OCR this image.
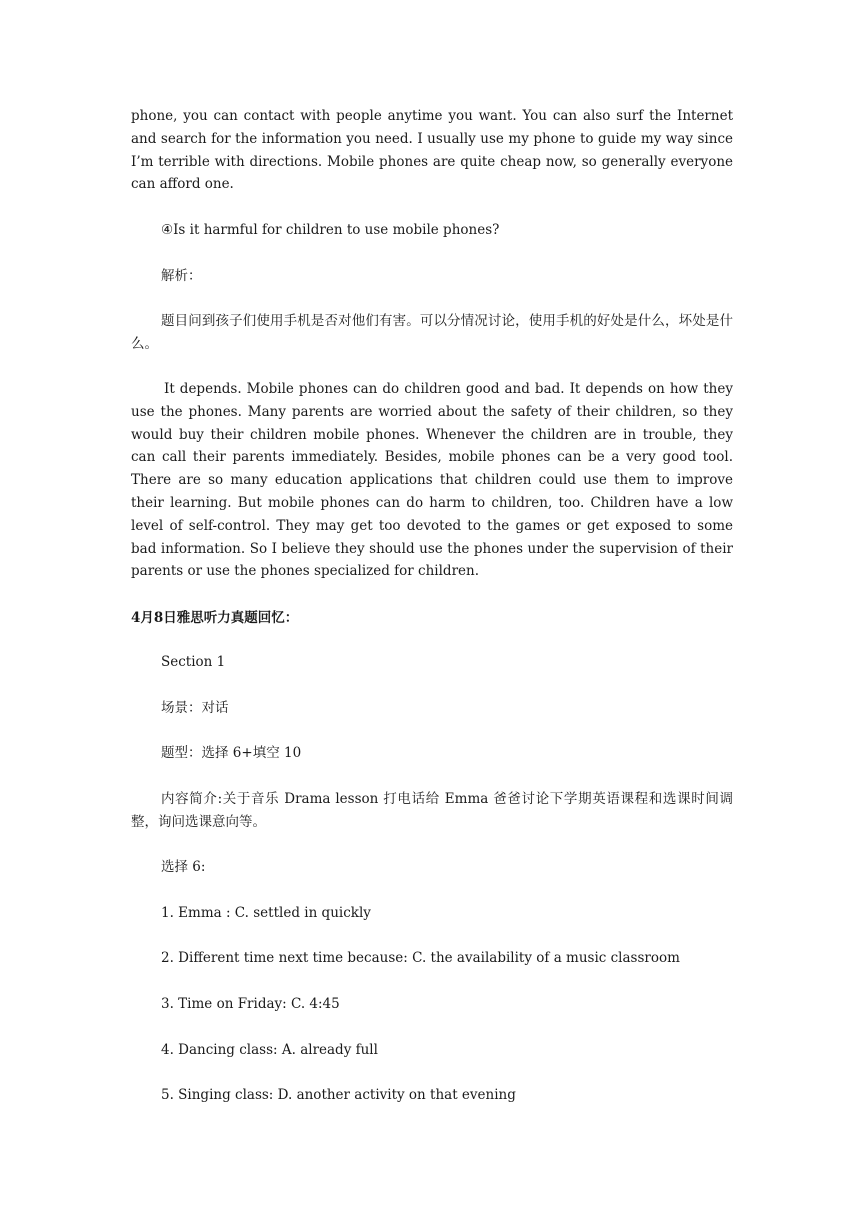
phone, you can contact with people anytime you want. You can also surf the Internet and search for the information you need. I usually use my phone to guide my way since I’m terrible with directions. Mobile phones are quite cheap now, so generally everyone can afford one.

④Is it harmful for children to use mobile phones?

解析：

题目问到孩子们使用手机是否对他们有害。可以分情况讨论，使用手机的好处是什么，坏处是什么。

It depends. Mobile phones can do children good and bad. It depends on how they use the phones. Many parents are worried about the safety of their children, so they would buy their children mobile phones. Whenever the children are in trouble, they can call their parents immediately. Besides, mobile phones can be a very good tool. There are so many education applications that children could use them to improve their learning. But mobile phones can do harm to children, too. Children have a low level of self-control. They may get too devoted to the games or get exposed to some bad information. So I believe they should use the phones under the supervision of their parents or use the phones specialized for children.

4月8日雅思听力真题回忆：

Section 1

场景：对话

题型：选择 6+填空 10

内容简介:关于音乐 Drama lesson 打电话给 Emma 爸爸讨论下学期英语课程和选课时间调整，询问选课意向等。

选择 6:

1. Emma : C. settled in quickly

2. Different time next time because: C. the availability of a music classroom

3. Time on Friday: C. 4:45

4. Dancing class: A. already full

5. Singing class: D. another activity on that evening
